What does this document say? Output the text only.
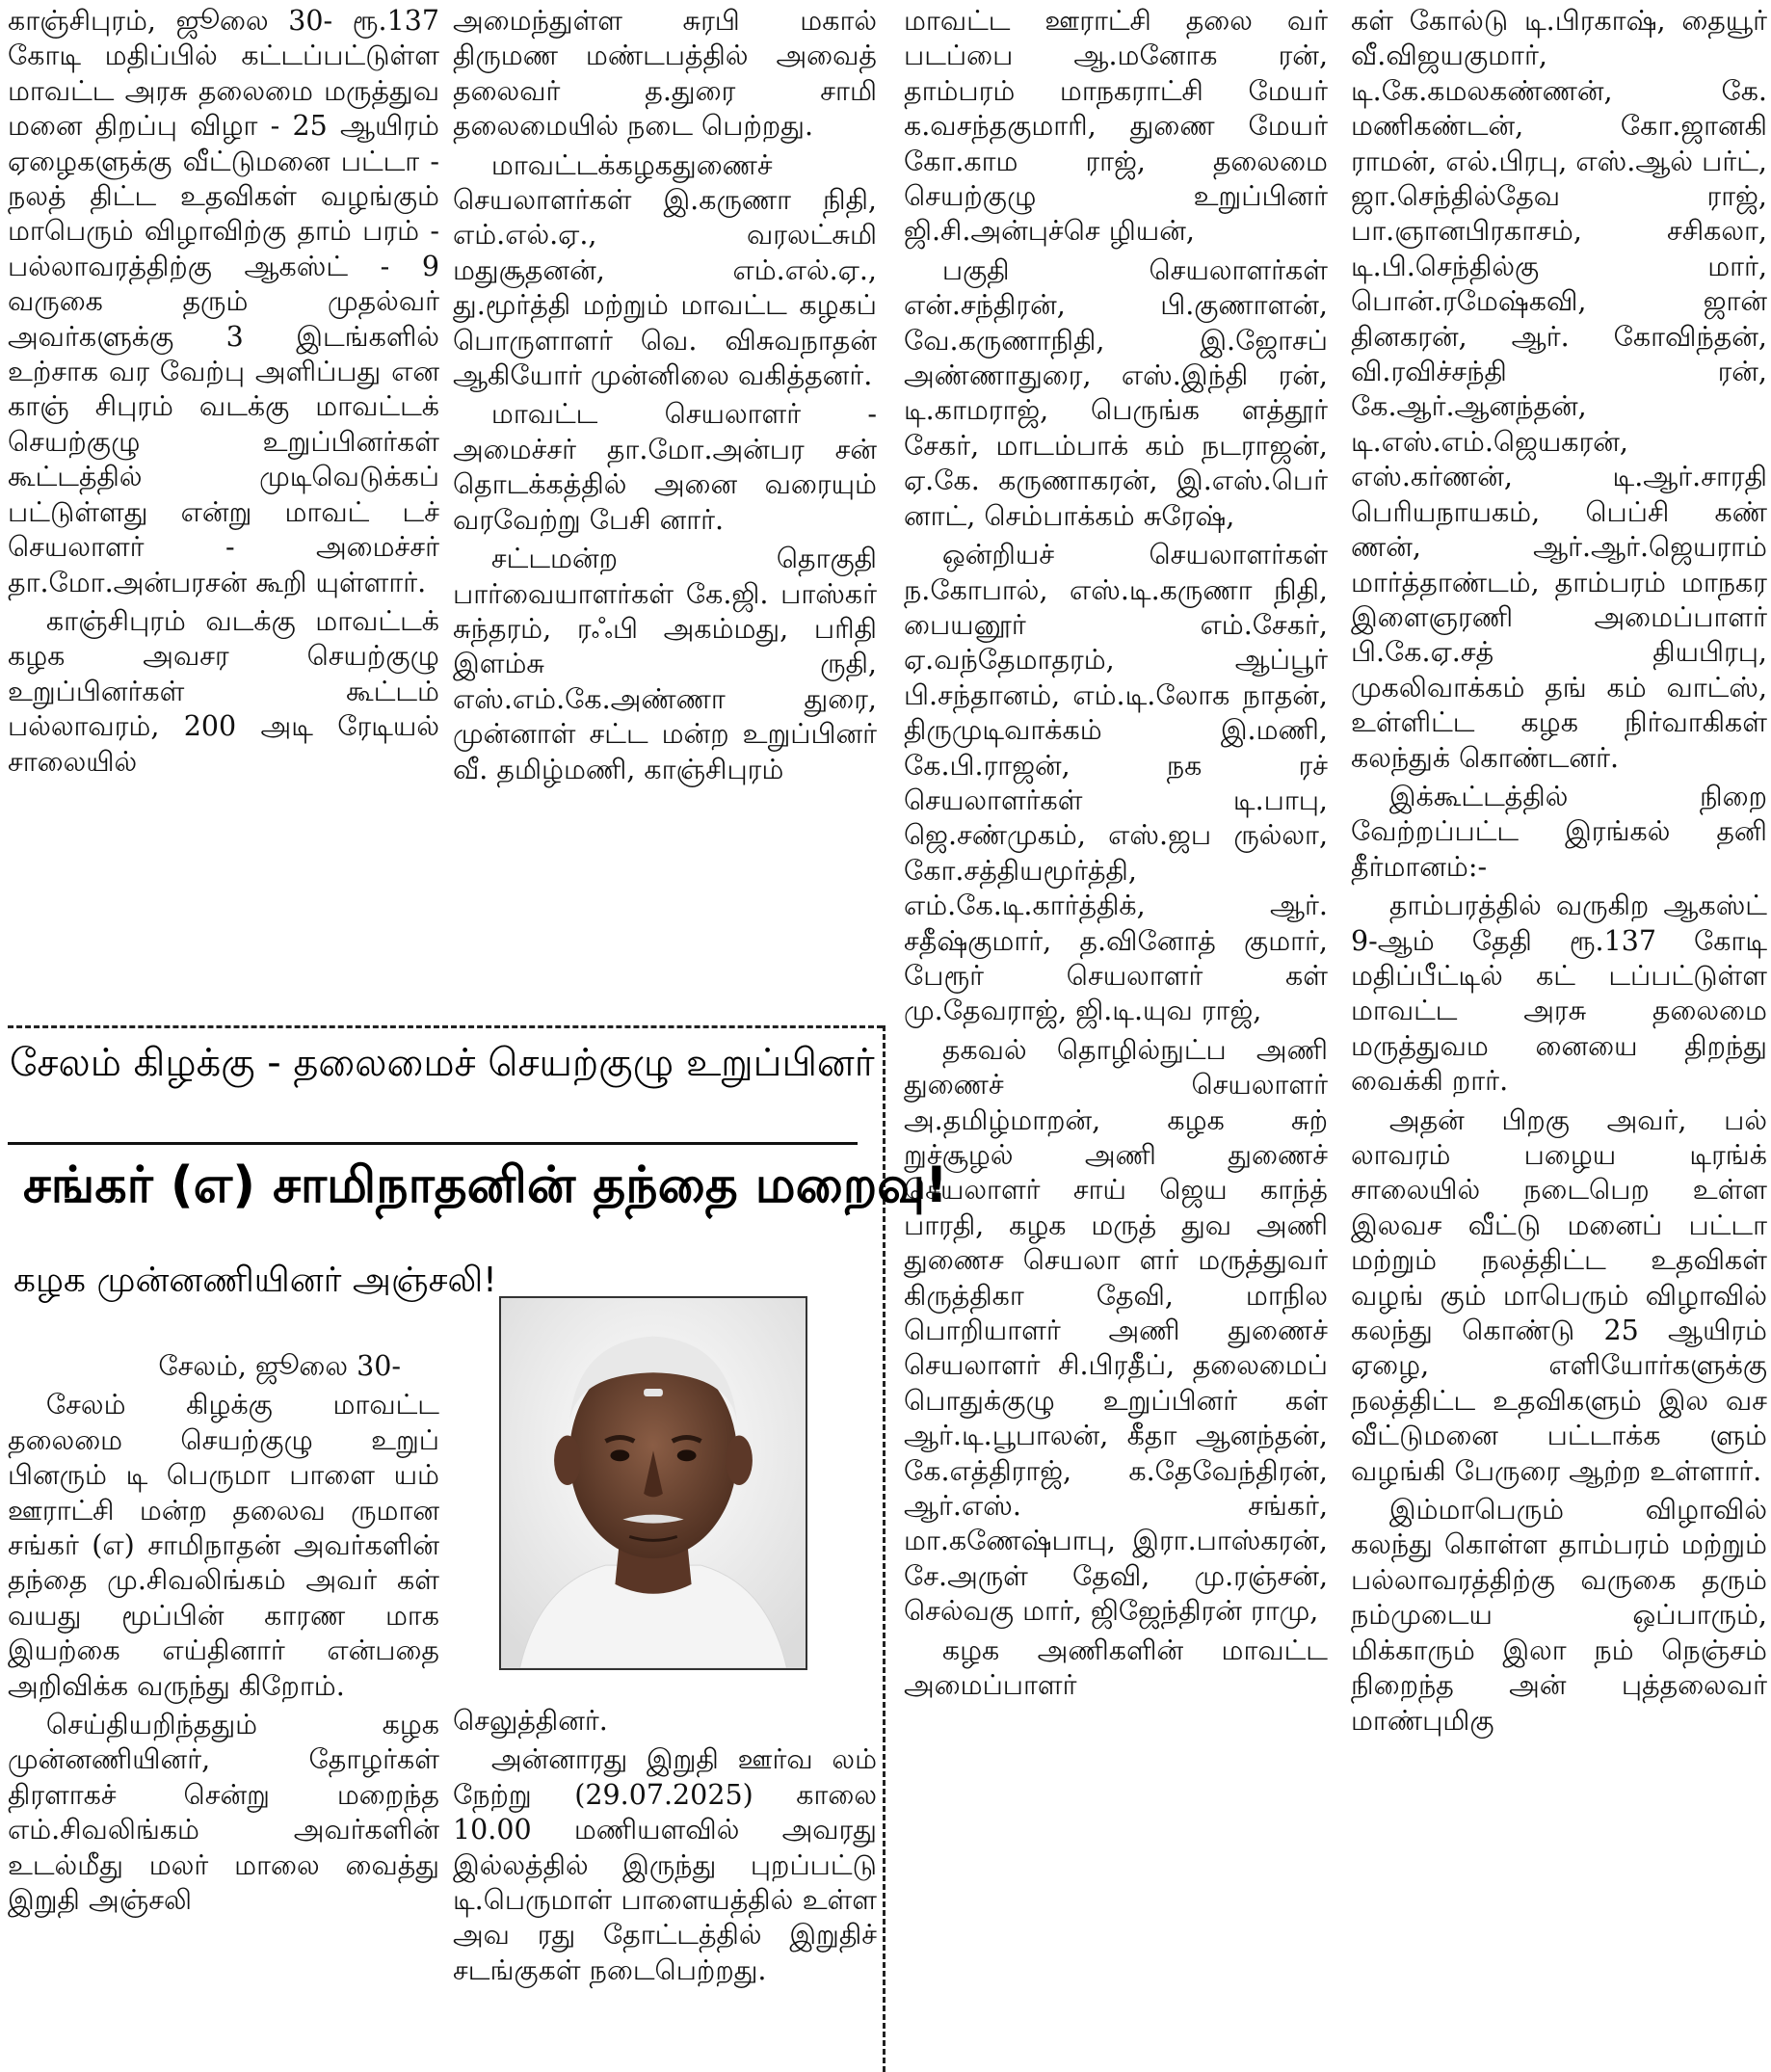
காஞ்சிபுரம், ஜூலை 30- ரூ.137 கோடி மதிப்பில் கட்டப்பட்டுள்ள மாவட்ட அரசு தலைமை மருத்துவ மனை திறப்பு விழா - 25 ஆயிரம் ஏழைகளுக்கு வீட்டுமனை பட்டா - நலத் திட்ட உதவிகள் வழங்கும் மாபெரும் விழாவிற்கு தாம் பரம் - பல்லாவரத்திற்கு ஆகஸ்ட் - 9 வருகை தரும் முதல்வர் அவர்களுக்கு 3 இடங்களில் உற்சாக வர வேற்பு அளிப்பது என காஞ் சிபுரம் வடக்கு மாவட்டக் செயற்குழு உறுப்பினர்கள் கூட்டத்தில் முடிவெடுக்கப் பட்டுள்ளது என்று மாவட் டச் செயலாளர் - அமைச்சர் தா.மோ.அன்பரசன் கூறி யுள்ளார்.

காஞ்சிபுரம் வடக்கு மாவட்டக் கழக அவசர செயற்குழு உறுப்பினர்கள் கூட்டம் பல்லாவரம், 200 அடி ரேடியல் சாலையில்

அமைந்துள்ள சுரபி மகால் திருமண மண்டபத்தில் அவைத் தலைவர் த.துரை சாமி தலைமையில் நடை பெற்றது.

மாவட்டக்கழகதுணைச் செயலாளர்கள் இ.கருணா நிதி, எம்.எல்.ஏ., வரலட்சுமி மதுசூதனன், எம்.எல்.ஏ., து.மூர்த்தி மற்றும் மாவட்ட கழகப் பொருளாளர் வெ. விசுவநாதன் ஆகியோர் முன்னிலை வகித்தனர்.

மாவட்ட செயலாளர் - அமைச்சர் தா.மோ.அன்பர சன் தொடக்கத்தில் அனை வரையும் வரவேற்று பேசி னார்.

சட்டமன்ற தொகுதி பார்வையாளர்கள் கே.ஜி. பாஸ்கர் சுந்தரம், ரஃபி அகம்மது, பரிதி இளம்சு ருதி, எஸ்.எம்.கே.அண்ணா துரை, முன்னாள் சட்ட மன்ற உறுப்பினர் வீ. தமிழ்மணி, காஞ்சிபுரம்

மாவட்ட ஊராட்சி தலை வர் படப்பை ஆ.மனோக ரன், தாம்பரம் மாநகராட்சி மேயர் க.வசந்தகுமாரி, துணை மேயர் கோ.காம ராஜ், தலைமை செயற்குழு உறுப்பினர் ஜி.சி.அன்புச்செ ழியன்,

பகுதி செயலாளர்கள் என்.சந்திரன், பி.குணாளன், வே.கருணாநிதி, இ.ஜோசப் அண்ணாதுரை, எஸ்.இந்தி ரன், டி.காமராஜ், பெருங்க ளத்தூர் சேகர், மாடம்பாக் கம் நடராஜன், ஏ.கே. கருணாகரன், இ.எஸ்.பெர் னாட், செம்பாக்கம் சுரேஷ்,

ஒன்றியச் செயலாளர்கள் ந.கோபால், எஸ்.டி.கருணா நிதி, பையனூர் எம்.சேகர், ஏ.வந்தேமாதரம், ஆப்பூர் பி.சந்தானம், எம்.டி.லோக நாதன், திருமுடிவாக்கம் இ.மணி, கே.பி.ராஜன், நக ரச் செயலாளர்கள் டி.பாபு, ஜெ.சண்முகம், எஸ்.ஜப ருல்லா, கோ.சத்தியமூர்த்தி, எம்.கே.டி.கார்த்திக், ஆர். சதீஷ்குமார், த.வினோத் குமார், பேரூர் செயலாளர் கள் மு.தேவராஜ், ஜி.டி.யுவ ராஜ்,

தகவல் தொழில்நுட்ப அணி துணைச் செயலாளர் அ.தமிழ்மாறன், கழக சுற் றுச்சூழல் அணி துணைச் செயலாளர் சாய் ஜெய காந்த் பாரதி, கழக மருத் துவ அணி துணைச செயலா ளர் மருத்துவர் கிருத்திகா தேவி, மாநில பொறியாளர் அணி துணைச் செயலாளர் சி.பிரதீப், தலைமைப் பொதுக்குழு உறுப்பினர் கள் ஆர்.டி.பூபாலன், கீதா ஆனந்தன், கே.எத்திராஜ், க.தேவேந்திரன், ஆர்.எஸ். சங்கர், மா.கணேஷ்பாபு, இரா.பாஸ்கரன், சே.அருள் தேவி, மு.ரஞ்சன், செல்வகு மார், ஜிஜேந்திரன் ராமு,

கழக அணிகளின் மாவட்ட அமைப்பாளர்

கள் கோல்டு டி.பிரகாஷ், தையூர் வீ.விஜயகுமார், டி.கே.கமலகண்ணன், கே. மணிகண்டன், கோ.ஜானகி ராமன், எல்.பிரபு, எஸ்.ஆல் பர்ட், ஜா.செந்தில்தேவ ராஜ், பா.ஞானபிரகாசம், சசிகலா, டி.பி.செந்தில்கு மார், பொன்.ரமேஷ்கவி, ஜான் தினகரன், ஆர். கோவிந்தன், வி.ரவிச்சந்தி ரன், கே.ஆர்.ஆனந்தன், டி.எஸ்.எம்.ஜெயகரன், எஸ்.கர்ணன், டி.ஆர்.சாரதி பெரியநாயகம், பெப்சி கண் ணன், ஆர்.ஆர்.ஜெயராம் மார்த்தாண்டம், தாம்பரம் மாநகர இளைஞரணி அமைப்பாளர் பி.கே.ஏ.சத் தியபிரபு, முகலிவாக்கம் தங் கம் வாட்ஸ், உள்ளிட்ட கழக நிர்வாகிகள் கலந்துக் கொண்டனர்.

இக்கூட்டத்தில் நிறை வேற்றப்பட்ட இரங்கல் தனி தீர்மானம்:-

தாம்பரத்தில் வருகிற ஆகஸ்ட் 9-ஆம் தேதி ரூ.137 கோடி மதிப்பீட்டில் கட் டப்பட்டுள்ள மாவட்ட அரசு தலைமை மருத்துவம னையை திறந்து வைக்கி றார்.

அதன் பிறகு அவர், பல் லாவரம் பழைய டிரங்க் சாலையில் நடைபெற உள்ள இலவச வீட்டு மனைப் பட்டா மற்றும் நலத்திட்ட உதவிகள் வழங் கும் மாபெரும் விழாவில் கலந்து கொண்டு 25 ஆயிரம் ஏழை, எளியோர்களுக்கு நலத்திட்ட உதவிகளும் இல வச வீட்டுமனை பட்டாக்க ளும் வழங்கி பேருரை ஆற்ற உள்ளார்.

இம்மாபெரும் விழாவில் கலந்து கொள்ள தாம்பரம் மற்றும் பல்லாவரத்திற்கு வருகை தரும் நம்முடைய ஒப்பாரும், மிக்காரும் இலா நம் நெஞ்சம் நிறைந்த அன் புத்தலைவர் மாண்புமிகு

சேலம் கிழக்கு - தலைமைச் செயற்குழு உறுப்பினர்
சங்கர் (எ) சாமிநாதனின் தந்தை மறைவு!
கழக முன்னணியினர் அஞ்சலி!

சேலம், ஜூலை 30-

சேலம் கிழக்கு மாவட்ட தலைமை செயற்குழு உறுப் பினரும் டி பெருமா பாளை யம் ஊராட்சி மன்ற தலைவ ருமான சங்கர் (எ) சாமிநாதன் அவர்களின் தந்தை மு.சிவலிங்கம் அவர் கள் வயது மூப்பின் காரண மாக இயற்கை எய்தினார் என்பதை அறிவிக்க வருந்து கிறோம்.

செய்தியறிந்ததும் கழக முன்னணியினர், தோழர்கள் திரளாகச் சென்று மறைந்த எம்.சிவலிங்கம் அவர்களின் உடல்மீது மலர் மாலை வைத்து இறுதி அஞ்சலி

செலுத்தினர்.

அன்னாரது இறுதி ஊர்வ லம் நேற்று (29.07.2025) காலை 10.00 மணியளவில் அவரது இல்லத்தில் இருந்து புறப்பட்டு டி.பெருமாள் பாளையத்தில் உள்ள அவ ரது தோட்டத்தில் இறுதிச் சடங்குகள் நடைபெற்றது.
